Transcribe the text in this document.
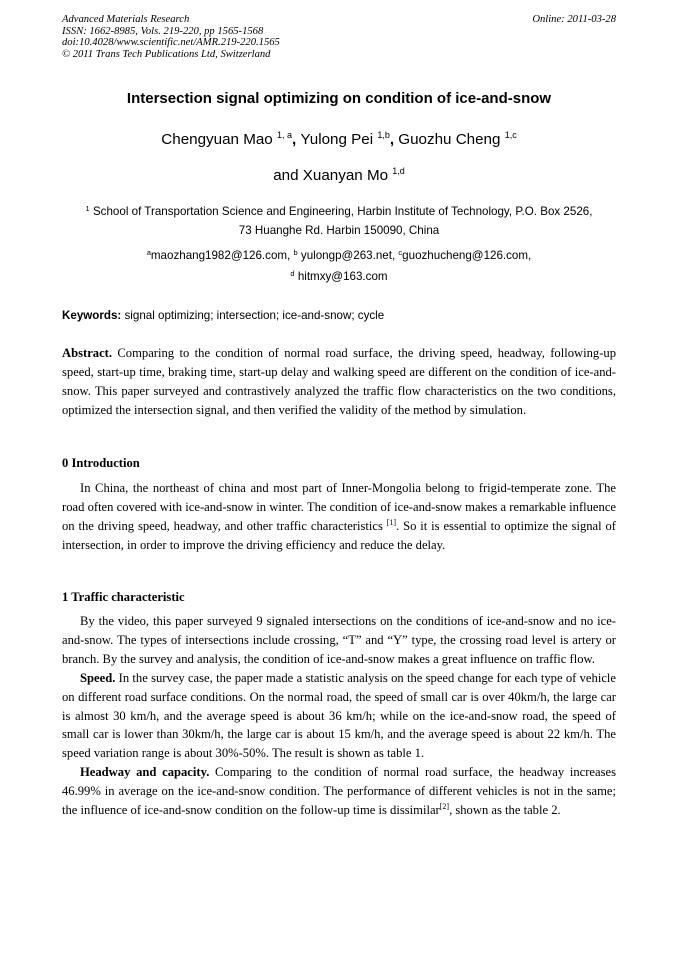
Advanced Materials Research
ISSN: 1662-8985, Vols. 219-220, pp 1565-1568
doi:10.4028/www.scientific.net/AMR.219-220.1565
© 2011 Trans Tech Publications Ltd, Switzerland
Online: 2011-03-28
Intersection signal optimizing on condition of ice-and-snow
Chengyuan Mao $^{1, a}$, Yulong Pei $^{1,b}$, Guozhu Cheng $^{1,c}$
and Xuanyan Mo $^{1,d}$
$^1$ School of Transportation Science and Engineering, Harbin Institute of Technology, P.O. Box 2526,
73 Huanghe Rd. Harbin 150090, China
$^a$maozhang1982@126.com, $^b$ yulongp@263.net, $^c$guozhucheng@126.com,
$^d$ hitmxy@163.com
Keywords: signal optimizing; intersection; ice-and-snow; cycle

Abstract. Comparing to the condition of normal road surface, the driving speed, headway, following-up speed, start-up time, braking time, start-up delay and walking speed are different on the condition of ice-and-snow. This paper surveyed and contrastively analyzed the traffic flow characteristics on the two conditions, optimized the intersection signal, and then verified the validity of the method by simulation.

0 Introduction

In China, the northeast of china and most part of Inner-Mongolia belong to frigid-temperate zone. The road often covered with ice-and-snow in winter. The condition of ice-and-snow makes a remarkable influence on the driving speed, headway, and other traffic characteristics [1]. So it is essential to optimize the signal of intersection, in order to improve the driving efficiency and reduce the delay.

1 Traffic characteristic

By the video, this paper surveyed 9 signaled intersections on the conditions of ice-and-snow and no ice-and-snow. The types of intersections include crossing, “T” and “Y” type, the crossing road level is artery or branch. By the survey and analysis, the condition of ice-and-snow makes a great influence on traffic flow.

Speed. In the survey case, the paper made a statistic analysis on the speed change for each type of vehicle on different road surface conditions. On the normal road, the speed of small car is over 40km/h, the large car is almost 30 km/h, and the average speed is about 36 km/h; while on the ice-and-snow road, the speed of small car is lower than 30km/h, the large car is about 15 km/h, and the average speed is about 22 km/h. The speed variation range is about 30%-50%. The result is shown as table 1.

Headway and capacity. Comparing to the condition of normal road surface, the headway increases 46.99% in average on the ice-and-snow condition. The performance of different vehicles is not in the same; the influence of ice-and-snow condition on the follow-up time is dissimilar[2], shown as the table 2.
